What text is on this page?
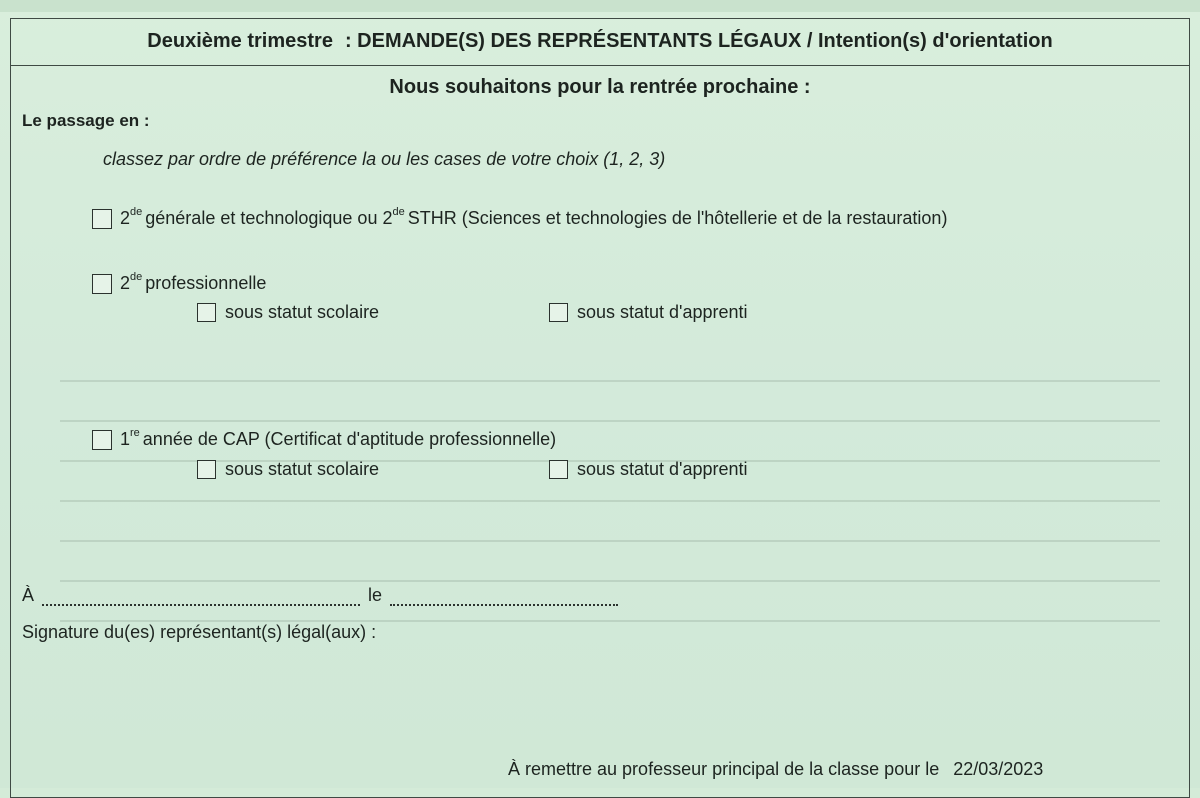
Deuxième trimestre : DEMANDE(S) DES REPRÉSENTANTS LÉGAUX / Intention(s) d'orientation
Nous souhaitons pour la rentrée prochaine :
Le passage en :
classez par ordre de préférence la ou les cases de votre choix (1, 2, 3)
2de générale et technologique ou 2de STHR (Sciences et technologies de l'hôtellerie et de la restauration)
2de professionnelle
sous statut scolaire	sous statut d'apprenti
1re année de CAP (Certificat d'aptitude professionnelle)
sous statut scolaire	sous statut d'apprenti
À	le
Signature du(es) représentant(s) légal(aux) :
À remettre au professeur principal de la classe pour le 22/03/2023
